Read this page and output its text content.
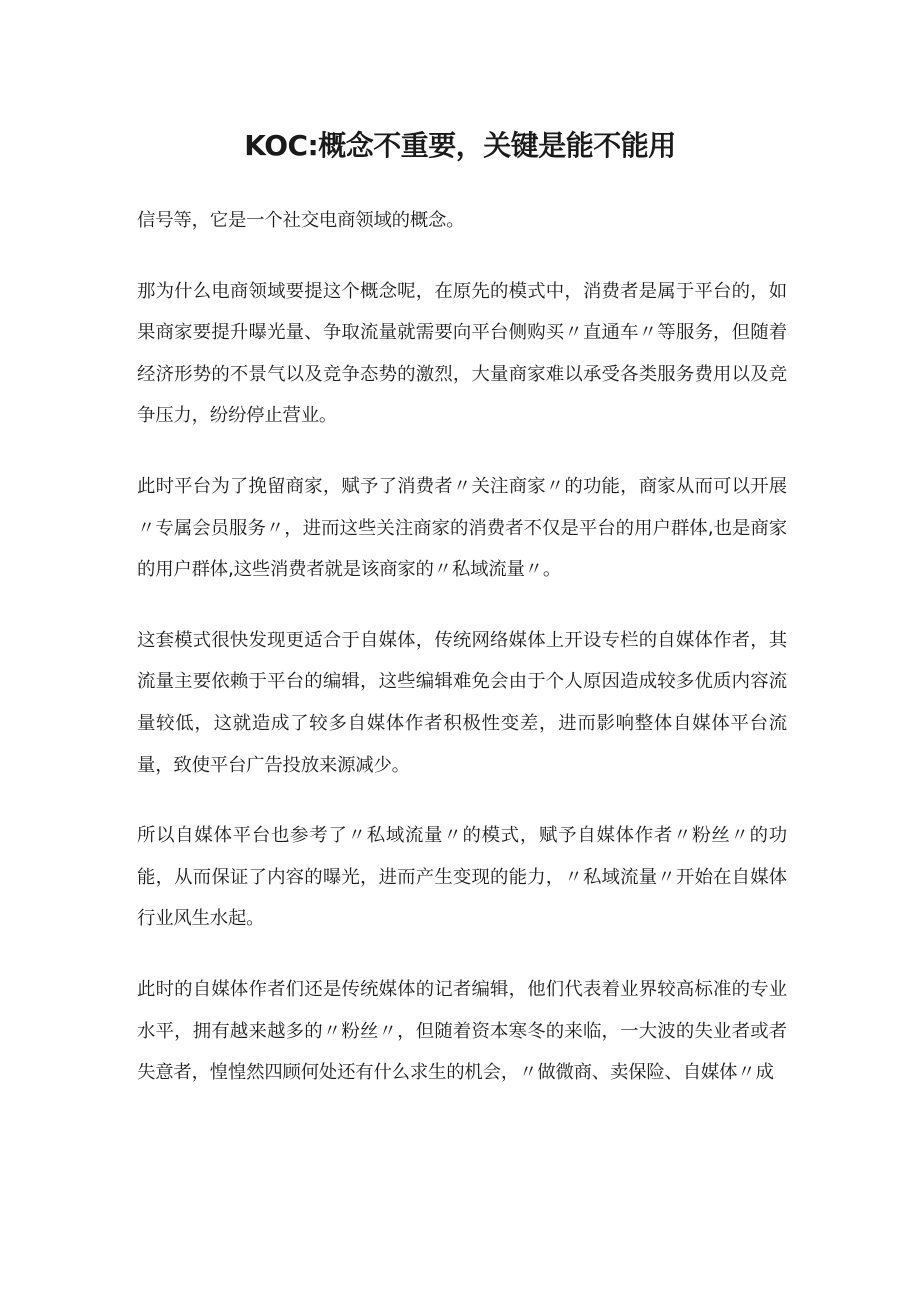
KOC:概念不重要，关键是能不能用

信号等，它是一个社交电商领域的概念。

那为什么电商领域要提这个概念呢，在原先的模式中，消费者是属于平台的，如果商家要提升曝光量、争取流量就需要向平台侧购买〃直通车〃等服务，但随着经济形势的不景气以及竞争态势的激烈，大量商家难以承受各类服务费用以及竞争压力，纷纷停止营业。

此时平台为了挽留商家，赋予了消费者〃关注商家〃的功能，商家从而可以开展〃专属会员服务〃，进而这些关注商家的消费者不仅是平台的用户群体,也是商家的用户群体,这些消费者就是该商家的〃私域流量〃。

这套模式很快发现更适合于自媒体，传统网络媒体上开设专栏的自媒体作者，其流量主要依赖于平台的编辑，这些编辑难免会由于个人原因造成较多优质内容流量较低，这就造成了较多自媒体作者积极性变差，进而影响整体自媒体平台流量，致使平台广告投放来源减少。

所以自媒体平台也参考了〃私域流量〃的模式，赋予自媒体作者〃粉丝〃的功能，从而保证了内容的曝光，进而产生变现的能力，〃私域流量〃开始在自媒体行业风生水起。

此时的自媒体作者们还是传统媒体的记者编辑，他们代表着业界较高标准的专业水平，拥有越来越多的〃粉丝〃，但随着资本寒冬的来临，一大波的失业者或者失意者，惶惶然四顾何处还有什么求生的机会，〃做微商、卖保险、自媒体〃成
